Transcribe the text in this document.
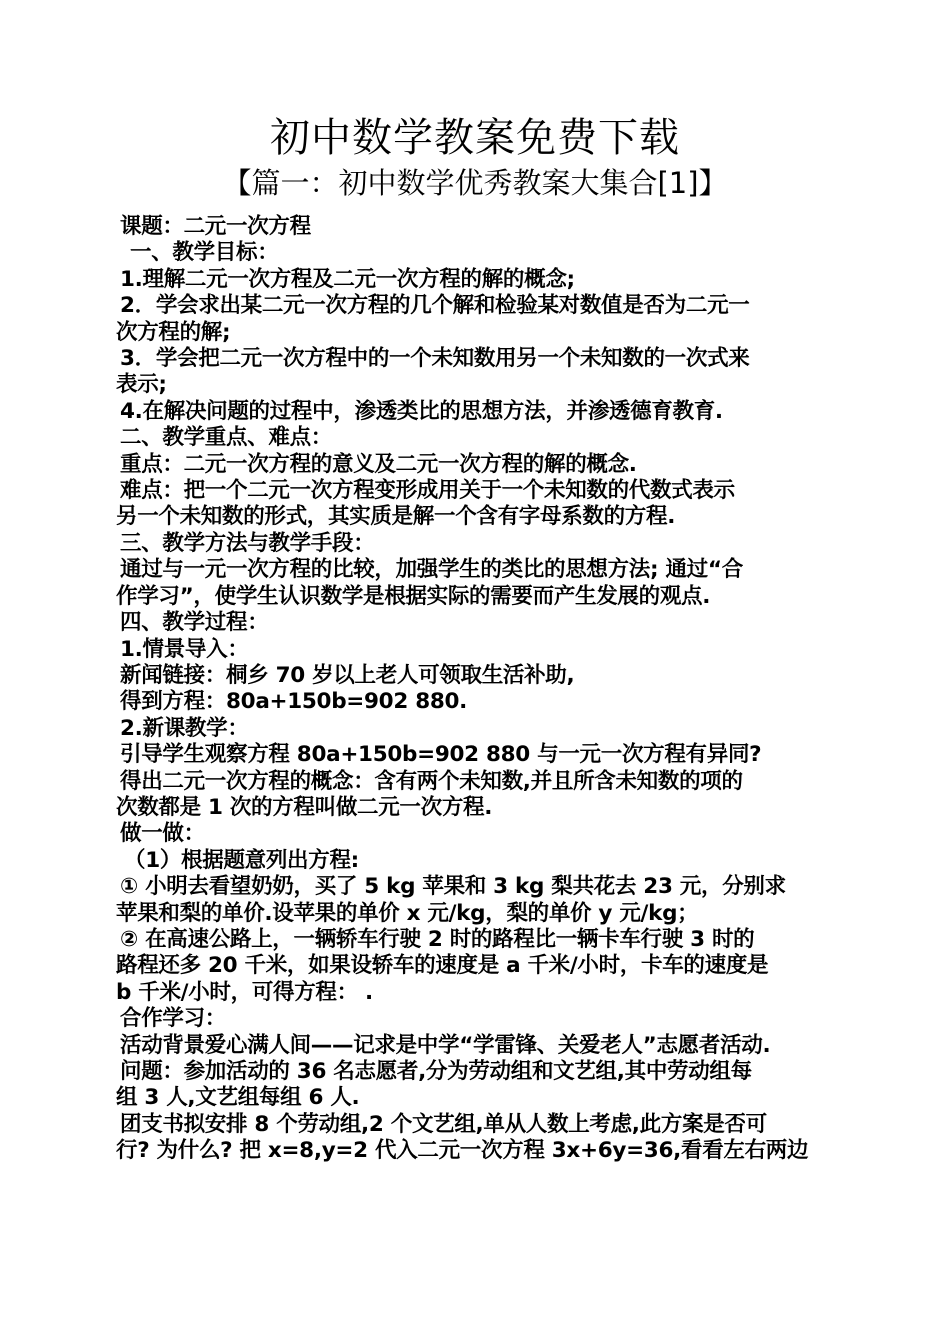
初中数学教案免费下载
【篇一：初中数学优秀教案大集合[1]】

课题：二元一次方程

一、教学目标：

1.理解二元一次方程及二元一次方程的解的概念;

2．学会求出某二元一次方程的几个解和检验某对数值是否为二元一

次方程的解;

3．学会把二元一次方程中的一个未知数用另一个未知数的一次式来

表示;

4.在解决问题的过程中，渗透类比的思想方法，并渗透德育教育.

二、教学重点、难点：

重点：二元一次方程的意义及二元一次方程的解的概念.

难点：把一个二元一次方程变形成用关于一个未知数的代数式表示

另一个未知数的形式，其实质是解一个含有字母系数的方程.

三、教学方法与教学手段：

通过与一元一次方程的比较，加强学生的类比的思想方法; 通过“合

作学习”，使学生认识数学是根据实际的需要而产生发展的观点.

四、教学过程：

1.情景导入：

新闻链接：桐乡 70 岁以上老人可领取生活补助,

得到方程：80a+150b=902 880.

2.新课教学：

引导学生观察方程 80a+150b=902 880 与一元一次方程有异同?

得出二元一次方程的概念：含有两个未知数,并且所含未知数的项的

次数都是 1 次的方程叫做二元一次方程.

做一做：

（1）根据题意列出方程:

① 小明去看望奶奶，买了 5 kg 苹果和 3 kg 梨共花去 23 元，分别求

苹果和梨的单价.设苹果的单价 x 元/kg，梨的单价 y 元/kg；

② 在高速公路上，一辆轿车行驶 2 时的路程比一辆卡车行驶 3 时的

路程还多 20 千米，如果设轿车的速度是 a 千米/小时，卡车的速度是

b 千米/小时，可得方程： .

合作学习：

活动背景爱心满人间——记求是中学“学雷锋、关爱老人”志愿者活动.

问题：参加活动的 36 名志愿者,分为劳动组和文艺组,其中劳动组每

组 3 人,文艺组每组 6 人.

团支书拟安排 8 个劳动组,2 个文艺组,单从人数上考虑,此方案是否可

行? 为什么? 把 x=8,y=2 代入二元一次方程 3x+6y=36,看看左右两边
